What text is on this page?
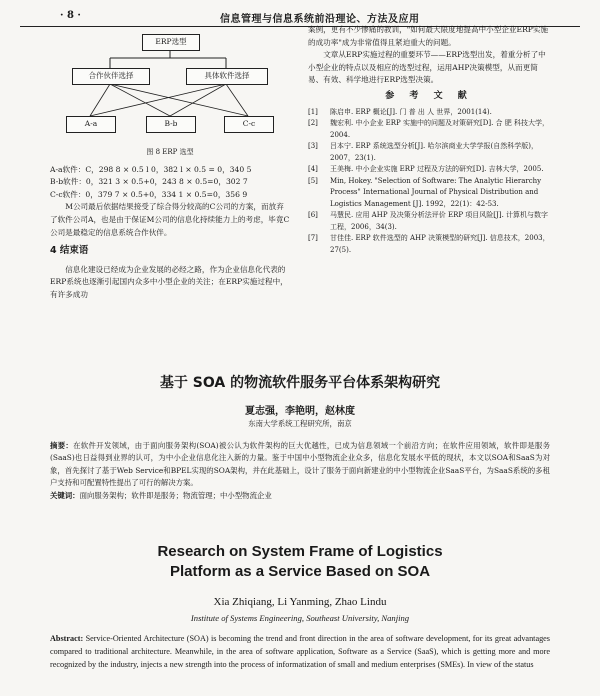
· 8 ·	信息管理与信息系统前沿理论、方法及应用
ERP选型
合作伙伴选择	具体软件选择
A-a	B-b	C-c
图 8 ERP 选型
A-a软件：C，298 8 × 0.5 l 0，382 l × 0.5 = 0，340 5
B-b软件：0，321 3 × 0.5+0，243 8 × 0.5=0，302 7
C-c软件：0，379 7 × 0.5+0，334 1 × 0.5=0，356 9

M公司最后依据结果接受了综合得分较高的C公司的方案，而放弃了软件公司A，也是由于保证M公司的信息化持续能力上的考虑，毕竟C公司是最稳定的信息系统合作伙伴。

4 结束语

信息化建设已经成为企业发展的必经之路，作为企业信息化代表的ERP系统也逐渐引起国内众多中小型企业的关注；在ERP实施过程中，有许多成功

案例，更有不少惨痛的教训，"如何最大限度地提高中小型企业ERP实施的成功率"成为非常值得且紧迫重大的问题。

文章从ERP实施过程的重要环节——ERP选型出发，着重分析了中小型企业的特点以及相应的选型过程，运用AHP决策模型，从而更简易、有效、科学地进行ERP选型决策。

参 考 文 献
[1]	陈启申. ERP 概论[J]. 门 普 出 人 世界，2001(14).
[2]	魏宏利. 中小企业 ERP 实施中的问题及对策研究[D]. 合 肥 科技大学，2004.
[3]	吕本宁. ERP 系统选型分析[J]. 哈尔滨商业大学学报(自然科学版)，2007，23(1).
[4]	王美梅. 中小企业实施 ERP 过程及方法的研究[D]. 吉林大学，2005.
[5]	Min, Hokey. "Selection of Software: The Analytic Hierarchy Process" International Journal of Physical Distribution and Logistics Management [J]. 1992，22(1)：42-53.
[6]	马慧民. 应用 AHP 及决策分析法评价 ERP 项目风险[J]. 计算机与数字工程，2006，34(3).
[7]	甘佳佳. ERP 软件选型的 AHP 决策模型的研究[J]. 信息技术，2003，27(5).
基于 SOA 的物流软件服务平台体系架构研究
夏志强，李艳明，赵林度
东南大学系统工程研究所，南京
摘要：在软件开发领域，由于面向服务架构(SOA)被公认为软件架构的巨大优越性，已成为信息领域一个前沿方向；在软件应用领域，软件即是服务(SaaS)也日益得到业界的认可，为中小企业信息化注入新的力量。鉴于中国中小型物流企业众多，信息化发展水平低的现状，本文以SOA和SaaS为对象，首先探讨了基于Web Service和BPEL实现的SOA架构，并在此基础上，设计了服务于面向新建业的中小型物流企业SaaS平台，为SaaS系统的多租户支持和可配置特性提出了可行的解决方案。
关键词：面向服务架构；软件即是服务；物流管理；中小型物流企业
Research on System Frame of Logistics
Platform as a Service Based on SOA
Xia Zhiqiang, Li Yanming, Zhao Lindu
Institute of Systems Engineering, Southeast University, Nanjing
Abstract: Service-Oriented Architecture (SOA) is becoming the trend and front direction in the area of software development, for its great advantages compared to traditional architecture. Meanwhile, in the area of software application, Software as a Service (SaaS), which is getting more and more recognized by the industry, injects a new strength into the process of informatization of small and medium enterprises (SMEs). In view of the status
